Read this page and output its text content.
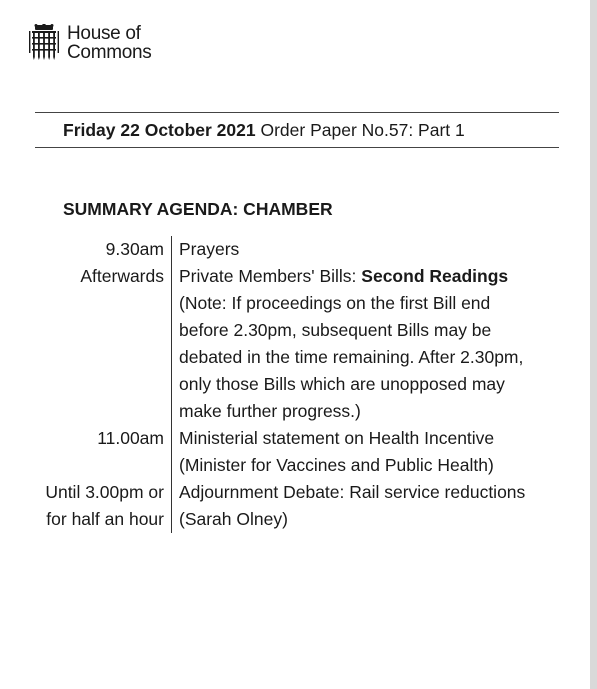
House of
Commons
Friday 22 October 2021 Order Paper No.57: Part 1
SUMMARY AGENDA: CHAMBER
9.30am Prayers
Afterwards Private Members' Bills: Second Readings
(Note: If proceedings on the first Bill end before 2.30pm, subsequent Bills may be debated in the time remaining. After 2.30pm, only those Bills which are unopposed may make further progress.)
11.00am Ministerial statement on Health Incentive (Minister for Vaccines and Public Health)
Until 3.00pm or for half an hour
Adjournment Debate: Rail service reductions (Sarah Olney)
